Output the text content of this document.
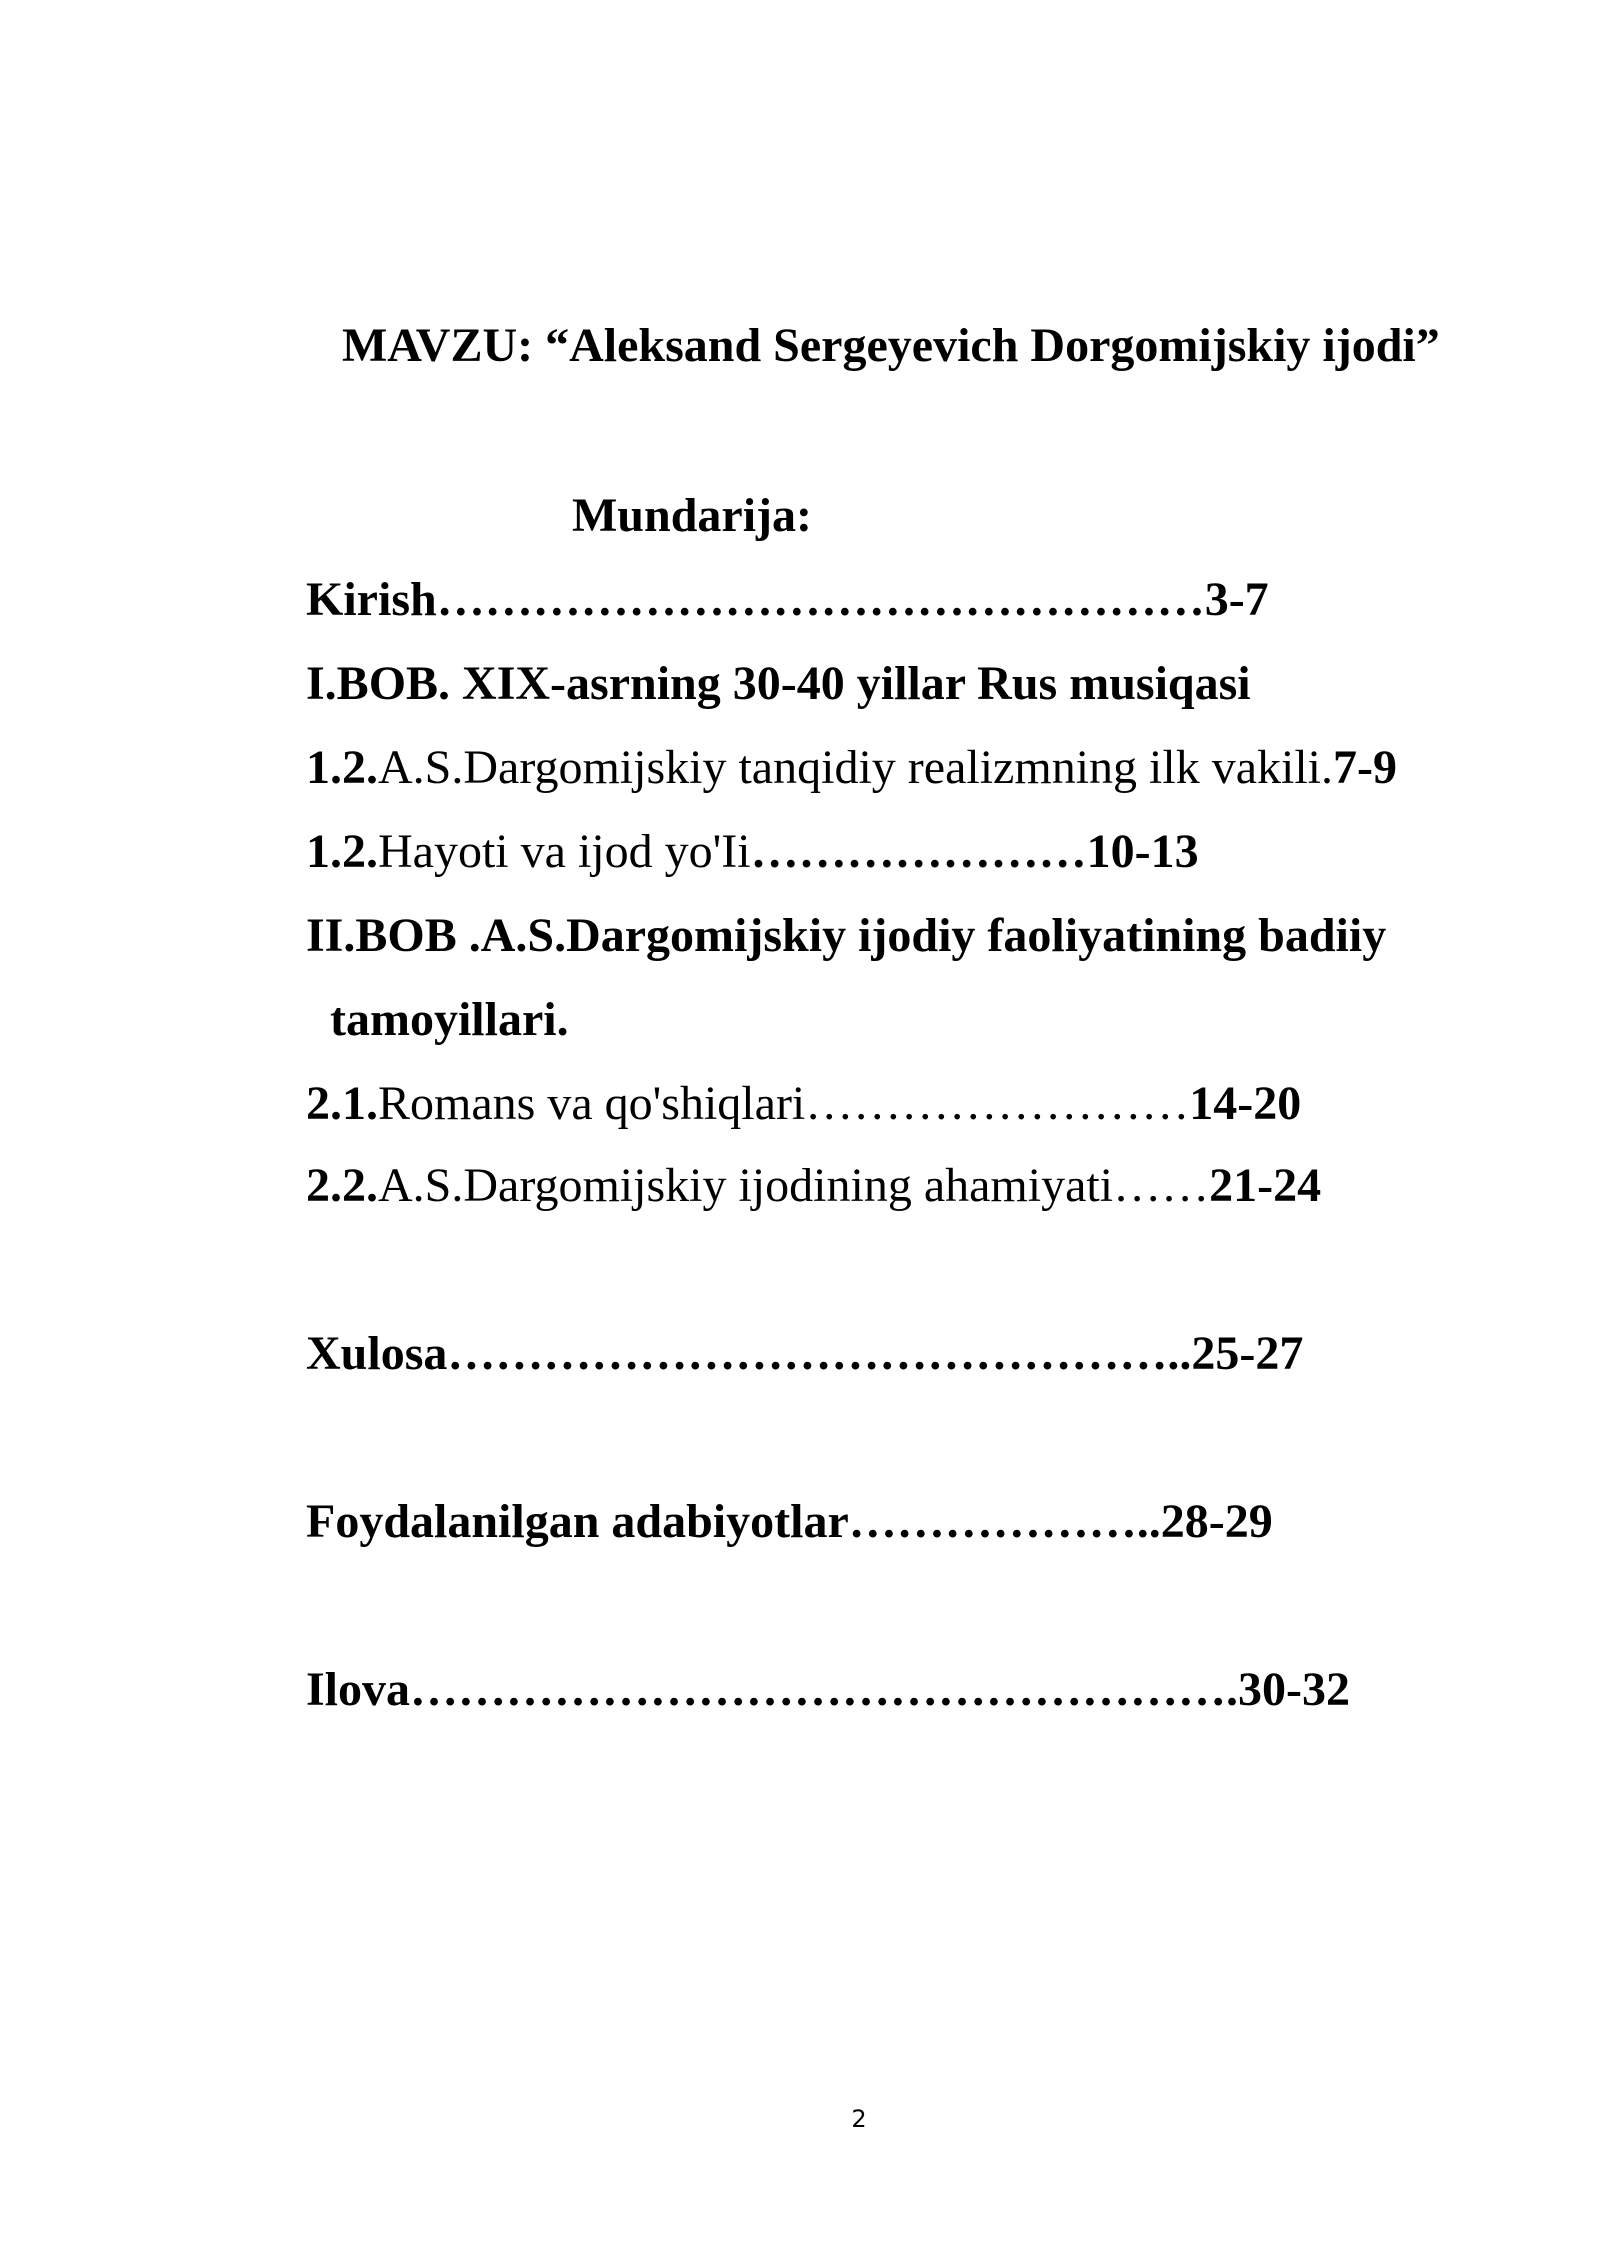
MAVZU: “Aleksand Sergeyevich Dorgomijskiy ijodi”
Mundarija:
Kirish…………………………………………3-7
I.BOB. XIX-asrning 30-40 yillar Rus musiqasi
1.2.A.S.Dargomijskiy tanqidiy realizmning ilk vakili.7-9
1.2.Hayoti va ijod yo'Ii…………………10-13
II.BOB .A.S.Dargomijskiy ijodiy faoliyatining badiiy
tamoyillari.
2.1.Romans va qo'shiqlari……………………14-20
2.2.A.S.Dargomijskiy ijodining ahamiyati……21-24
Xulosa………………………………………..25-27
Foydalanilgan adabiyotlar………………..28-29
Ilova…………………………………………….30-32
2
